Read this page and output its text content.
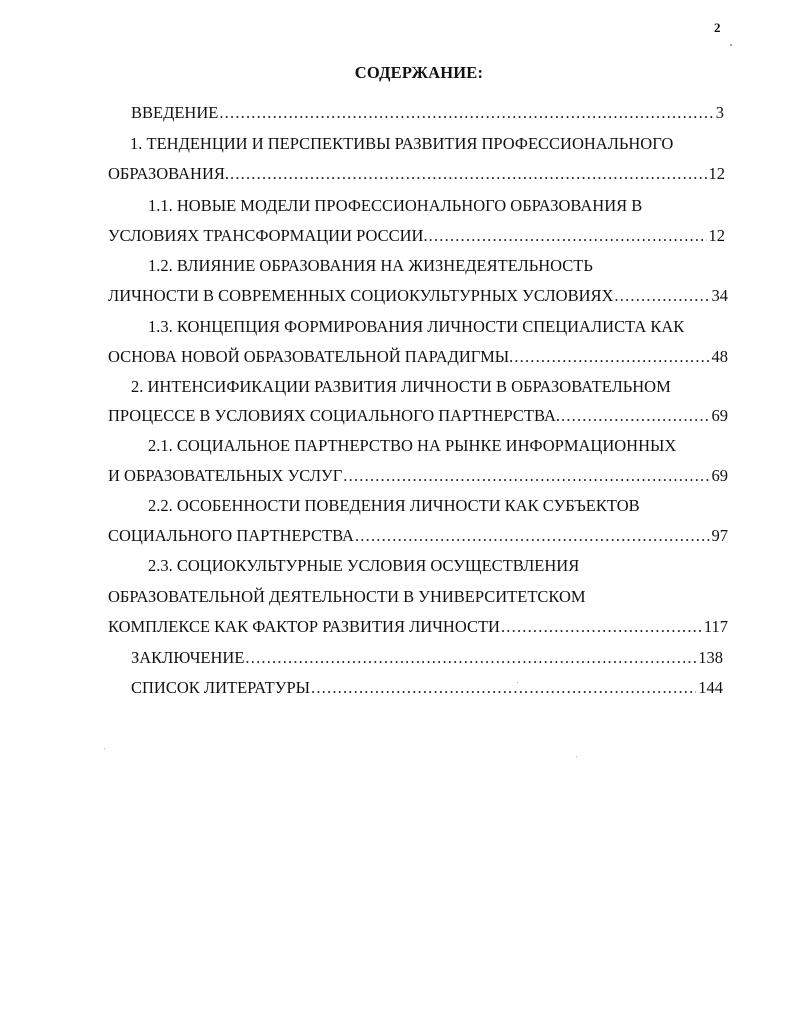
2
СОДЕРЖАНИЕ:
ВВЕДЕНИЕ .....	3
1. ТЕНДЕНЦИИ И ПЕРСПЕКТИВЫ РАЗВИТИЯ ПРОФЕССИОНАЛЬНОГО
ОБРАЗОВАНИЯ. .....	12
1.1. НОВЫЕ МОДЕЛИ ПРОФЕССИОНАЛЬНОГО ОБРАЗОВАНИЯ В
УСЛОВИЯХ ТРАНСФОРМАЦИИ РОССИИ. .....	12
1.2. ВЛИЯНИЕ ОБРАЗОВАНИЯ НА ЖИЗНЕДЕЯТЕЛЬНОСТЬ
ЛИЧНОСТИ В СОВРЕМЕННЫХ СОЦИОКУЛЬТУРНЫХ УСЛОВИЯХ .....	34
1.3. КОНЦЕПЦИЯ ФОРМИРОВАНИЯ ЛИЧНОСТИ СПЕЦИАЛИСТА КАК
ОСНОВА НОВОЙ ОБРАЗОВАТЕЛЬНОЙ ПАРАДИГМЫ. .....	48
2. ИНТЕНСИФИКАЦИИ РАЗВИТИЯ ЛИЧНОСТИ В ОБРАЗОВАТЕЛЬНОМ
ПРОЦЕССЕ В УСЛОВИЯХ СОЦИАЛЬНОГО ПАРТНЕРСТВА. .....	69
2.1. СОЦИАЛЬНОЕ ПАРТНЕРСТВО НА РЫНКЕ ИНФОРМАЦИОННЫХ
И ОБРАЗОВАТЕЛЬНЫХ УСЛУГ .....	69
2.2. ОСОБЕННОСТИ ПОВЕДЕНИЯ ЛИЧНОСТИ КАК СУБЪЕКТОВ
СОЦИАЛЬНОГО ПАРТНЕРСТВА .....	97
2.3. СОЦИОКУЛЬТУРНЫЕ УСЛОВИЯ ОСУЩЕСТВЛЕНИЯ
ОБРАЗОВАТЕЛЬНОЙ ДЕЯТЕЛЬНОСТИ В УНИВЕРСИТЕТСКОМ
КОМПЛЕКСЕ КАК ФАКТОР РАЗВИТИЯ ЛИЧНОСТИ .....	117
ЗАКЛЮЧЕНИЕ .....	138
СПИСОК ЛИТЕРАТУРЫ .....	144
